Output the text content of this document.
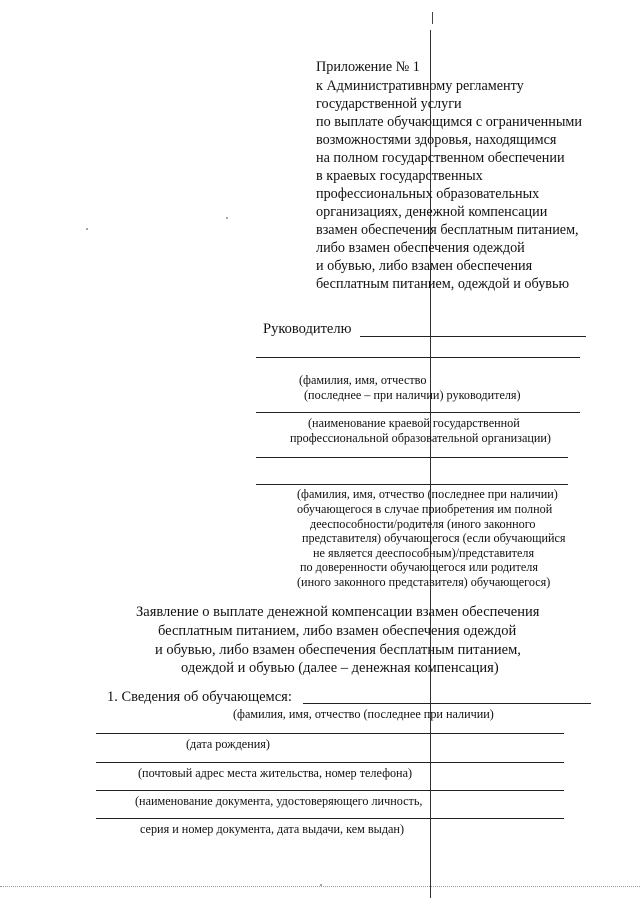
Приложение № 1
к Административному регламенту
государственной услуги
по выплате обучающимся с ограниченными
возможностями здоровья, находящимся
на полном государственном обеспечении
в краевых государственных
профессиональных образовательных
организациях, денежной компенсации
взамен обеспечения бесплатным питанием,
либо взамен обеспечения одеждой
и обувью, либо взамен обеспечения
бесплатным питанием, одеждой и обувью
Руководителю
(фамилия, имя, отчество
(последнее – при наличии) руководителя)
(наименование краевой государственной
профессиональной образовательной организации)
(фамилия, имя, отчество (последнее при наличии)
обучающегося в случае приобретения им полной
дееспособности/родителя (иного законного
представителя) обучающегося (если обучающийся
не является дееспособным)/представителя
по доверенности обучающегося или родителя
(иного законного представителя) обучающегося)
Заявление о выплате денежной компенсации взамен обеспечения
бесплатным питанием, либо взамен обеспечения одеждой
и обувью, либо взамен обеспечения бесплатным питанием,
одеждой и обувью (далее – денежная компенсация)
1. Сведения об обучающемся:
(фамилия, имя, отчество (последнее при наличии)
(дата рождения)
(почтовый адрес места жительства, номер телефона)
(наименование документа, удостоверяющего личность,
серия и номер документа, дата выдачи, кем выдан)
